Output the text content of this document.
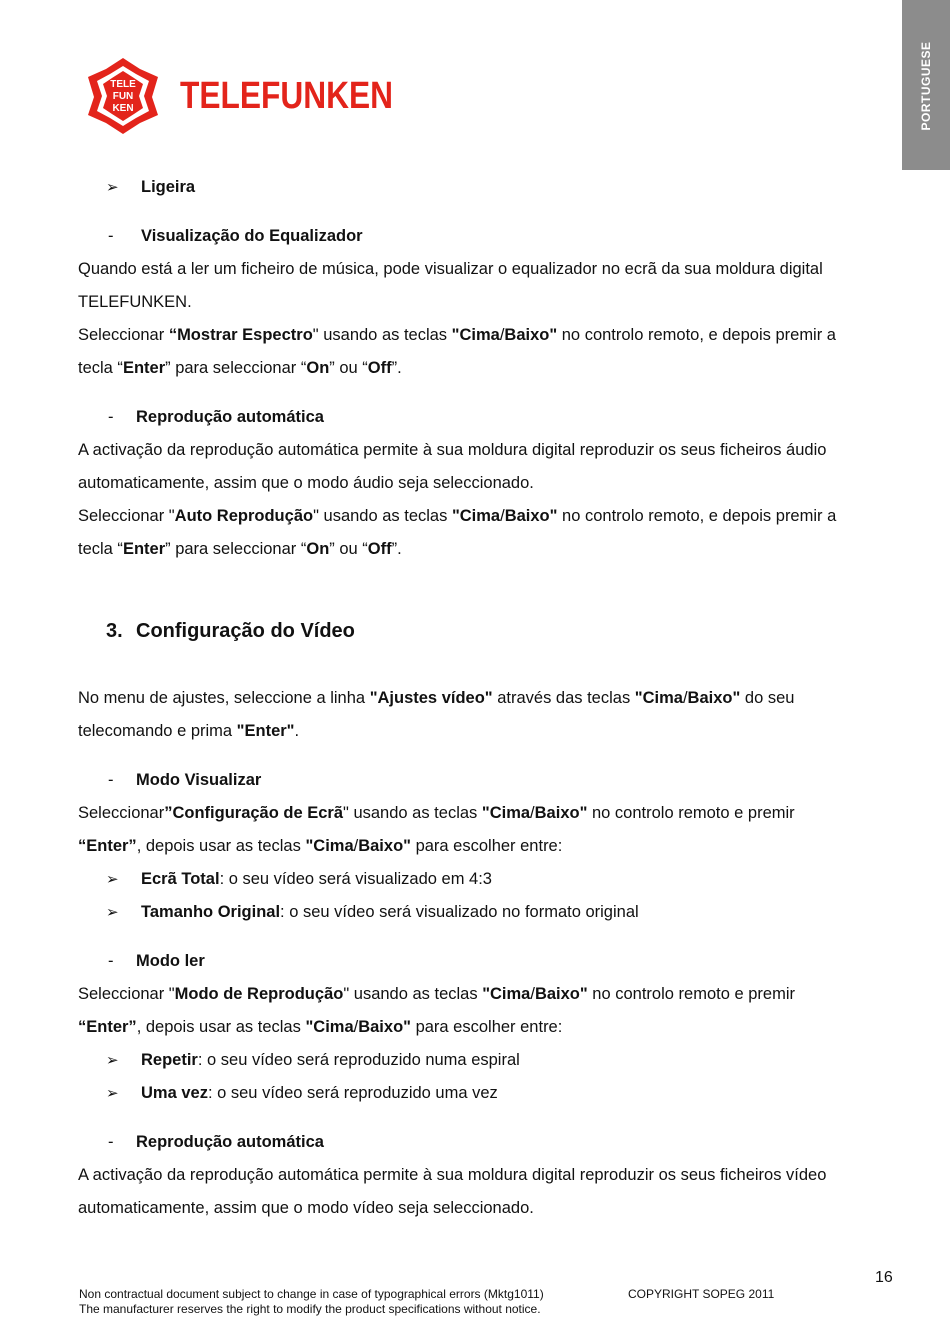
TELE
FUN
KEN TELEFUNKEN	PORTUGUESE
➢ Ligeira
- Visualização do Equalizador
Quando está a ler um ficheiro de música, pode visualizar o equalizador no ecrã da sua moldura digital
TELEFUNKEN.
Seleccionar “Mostrar Espectro" usando as teclas "Cima/Baixo" no controlo remoto, e depois premir a
tecla “Enter” para seleccionar “On” ou “Off”.
- Reprodução automática
A activação da reprodução automática permite à sua moldura digital reproduzir os seus ficheiros áudio
automaticamente, assim que o modo áudio seja seleccionado.
Seleccionar "Auto Reprodução" usando as teclas "Cima/Baixo" no controlo remoto, e depois premir a
tecla “Enter” para seleccionar “On” ou “Off”.
3. Configuração do Vídeo
No menu de ajustes, seleccione a linha "Ajustes vídeo" através das teclas "Cima/Baixo" do seu
telecomando e prima "Enter".
- Modo Visualizar
Seleccionar”Configuração de Ecrã" usando as teclas "Cima/Baixo" no controlo remoto e premir
“Enter”, depois usar as teclas "Cima/Baixo" para escolher entre:
➢ Ecrã Total: o seu vídeo será visualizado em 4:3
➢ Tamanho Original: o seu vídeo será visualizado no formato original
- Modo ler
Seleccionar "Modo de Reprodução" usando as teclas "Cima/Baixo" no controlo remoto e premir
“Enter”, depois usar as teclas "Cima/Baixo" para escolher entre:
➢ Repetir: o seu vídeo será reproduzido numa espiral
➢ Uma vez: o seu vídeo será reproduzido uma vez
- Reprodução automática
A activação da reprodução automática permite à sua moldura digital reproduzir os seus ficheiros vídeo
automaticamente, assim que o modo vídeo seja seleccionado.
16
Non contractual document subject to change in case of typographical errors (Mktg1011)	COPYRIGHT SOPEG 2011
The manufacturer reserves the right to modify the product specifications without notice.
